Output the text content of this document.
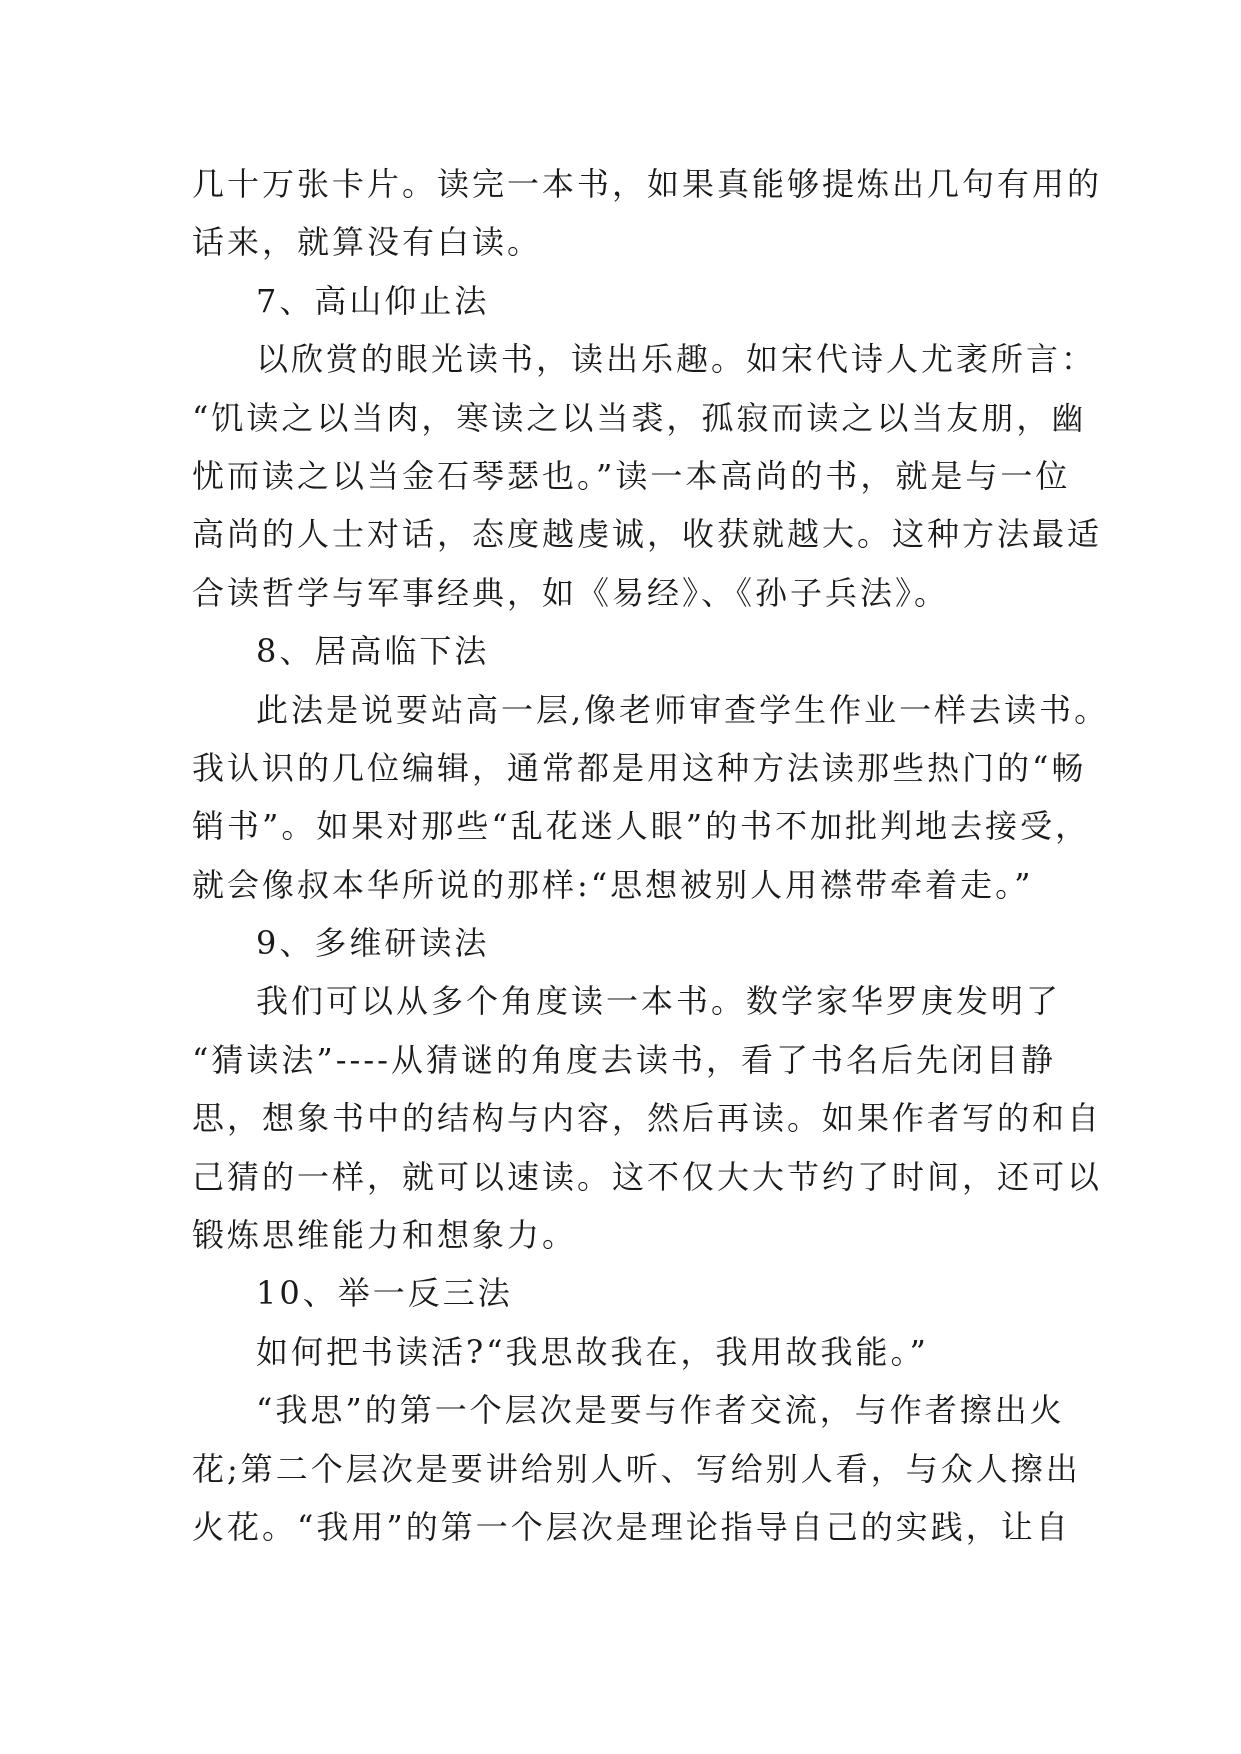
几十万张卡片。读完一本书，如果真能够提炼出几句有用的
话来，就算没有白读。
7、高山仰止法
以欣赏的眼光读书，读出乐趣。如宋代诗人尤袤所言：
“饥读之以当肉，寒读之以当裘，孤寂而读之以当友朋，幽
忧而读之以当金石琴瑟也。”读一本高尚的书，就是与一位
高尚的人士对话，态度越虔诚，收获就越大。这种方法最适
合读哲学与军事经典，如《易经》、《孙子兵法》。
8、居高临下法
此法是说要站高一层,像老师审查学生作业一样去读书。
我认识的几位编辑，通常都是用这种方法读那些热门的“畅
销书”。如果对那些“乱花迷人眼”的书不加批判地去接受，
就会像叔本华所说的那样:“思想被别人用襟带牵着走。”
9、多维研读法
我们可以从多个角度读一本书。数学家华罗庚发明了
“猜读法”----从猜谜的角度去读书，看了书名后先闭目静
思，想象书中的结构与内容，然后再读。如果作者写的和自
己猜的一样，就可以速读。这不仅大大节约了时间，还可以
锻炼思维能力和想象力。
10、举一反三法
如何把书读活?“我思故我在，我用故我能。”
“我思”的第一个层次是要与作者交流，与作者擦出火
花;第二个层次是要讲给别人听、写给别人看，与众人擦出
火花。“我用”的第一个层次是理论指导自己的实践，让自
